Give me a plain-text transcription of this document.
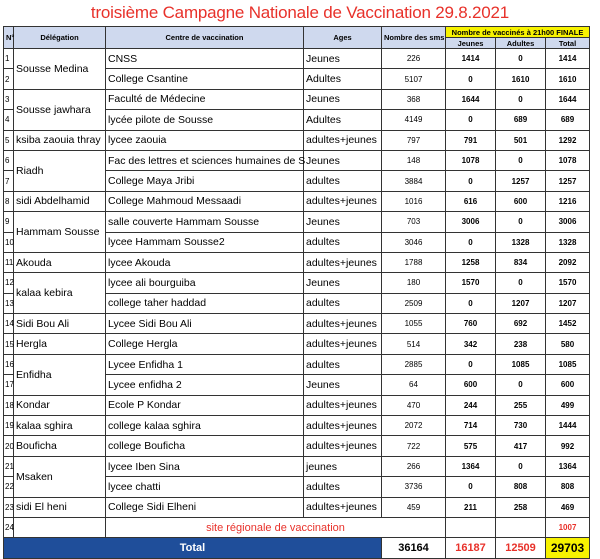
troisième Campagne Nationale de Vaccination 29.8.2021
N°	Délégation	Centre de vaccination	Ages	Nombre des sms	Nombre de vaccinés à 21h00 FINALE		
					Jeunes	Adultes	Total
1	Sousse Medina	CNSS	Jeunes	226	1414	0	1414
2		College Csantine	Adultes	5107	0	1610	1610
3	Sousse jawhara	Faculté de Médecine	Jeunes	368	1644	0	1644
4		lycée pilote de Sousse	Adultes	4149	0	689	689
5	ksiba zaouia thray	lycee zaouia	adultes+jeunes	797	791	501	1292
6	Riadh	Fac des lettres et sciences humaines de S	Jeunes	148	1078	0	1078
7		College Maya Jribi	adultes	3884	0	1257	1257
8	sidi Abdelhamid	College Mahmoud Messaadi	adultes+jeunes	1016	616	600	1216
9	Hammam Sousse	salle couverte Hammam Sousse	Jeunes	703	3006	0	3006
10		lycee Hammam Sousse2	adultes	3046	0	1328	1328
11	Akouda	lycee Akouda	adultes+jeunes	1788	1258	834	2092
12	kalaa kebira	lycee ali bourguiba	Jeunes	180	1570	0	1570
13		college taher haddad	adultes	2509	0	1207	1207
14	Sidi Bou Ali	Lycee Sidi Bou Ali	adultes+jeunes	1055	760	692	1452
15	Hergla	College Hergla	adultes+jeunes	514	342	238	580
16	Enfidha	Lycee Enfidha 1	adultes	2885	0	1085	1085
17		Lycee enfidha 2	Jeunes	64	600	0	600
18	Kondar	Ecole P Kondar	adultes+jeunes	470	244	255	499
19	kalaa sghira	college kalaa sghira	adultes+jeunes	2072	714	730	1444
20	Bouficha	college Bouficha	adultes+jeunes	722	575	417	992
21	Msaken	lycee Iben Sina	jeunes	266	1364	0	1364
22		lycee chatti	adultes	3736	0	808	808
23	sidi El heni	College Sidi Elheni	adultes+jeunes	459	211	258	469
24		site régionale de vaccination					1007
Total				36164	16187	12509	29703
